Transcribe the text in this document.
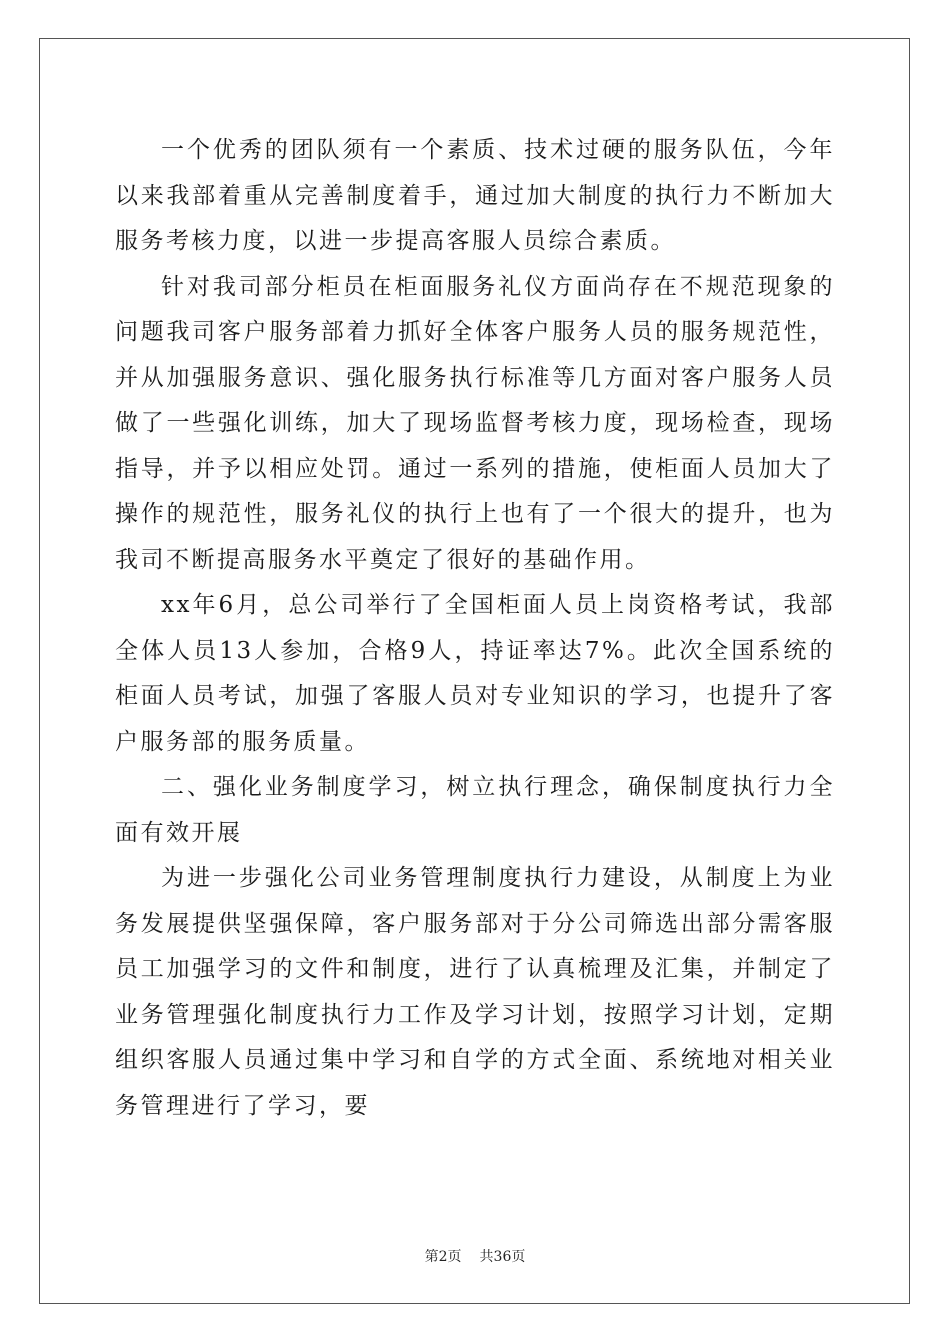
一个优秀的团队须有一个素质、技术过硬的服务队伍，今年以来我部着重从完善制度着手，通过加大制度的执行力不断加大服务考核力度，以进一步提高客服人员综合素质。

针对我司部分柜员在柜面服务礼仪方面尚存在不规范现象的问题我司客户服务部着力抓好全体客户服务人员的服务规范性，并从加强服务意识、强化服务执行标准等几方面对客户服务人员做了一些强化训练，加大了现场监督考核力度，现场检查，现场指导，并予以相应处罚。通过一系列的措施，使柜面人员加大了操作的规范性，服务礼仪的执行上也有了一个很大的提升，也为我司不断提高服务水平奠定了很好的基础作用。

xx年6月，总公司举行了全国柜面人员上岗资格考试，我部全体人员13人参加，合格9人，持证率达7%。此次全国系统的柜面人员考试，加强了客服人员对专业知识的学习，也提升了客户服务部的服务质量。

二、强化业务制度学习，树立执行理念，确保制度执行力全面有效开展

为进一步强化公司业务管理制度执行力建设，从制度上为业务发展提供坚强保障，客户服务部对于分公司筛选出部分需客服员工加强学习的文件和制度，进行了认真梳理及汇集，并制定了业务管理强化制度执行力工作及学习计划，按照学习计划，定期组织客服人员通过集中学习和自学的方式全面、系统地对相关业务管理进行了学习，要

第2页 共36页
